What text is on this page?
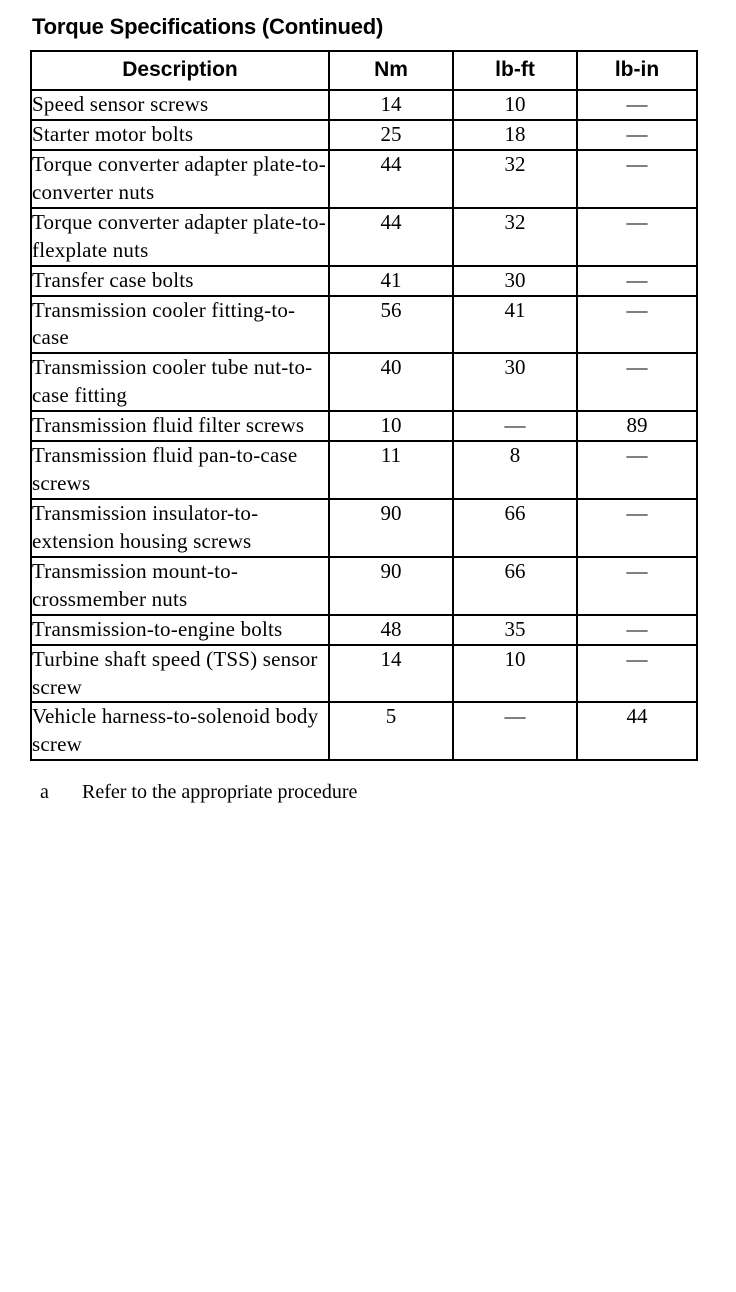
Torque Specifications (Continued)
Description	Nm	lb-ft	lb-in
Speed sensor screws	14	10	—
Starter motor bolts	25	18	—
Torque converter adapter plate-to-converter nuts	44	32	—
Torque converter adapter plate-to-flexplate nuts	44	32	—
Transfer case bolts	41	30	—
Transmission cooler fitting-to-case	56	41	—
Transmission cooler tube nut-to-case fitting	40	30	—
Transmission fluid filter screws	10	—	89
Transmission fluid pan-to-case screws	11	8	—
Transmission insulator-to-extension housing screws	90	66	—
Transmission mount-to-crossmember nuts	90	66	—
Transmission-to-engine bolts	48	35	—
Turbine shaft speed (TSS) sensor screw	14	10	—
Vehicle harness-to-solenoid body screw	5	—	44
a	Refer to the appropriate procedure
